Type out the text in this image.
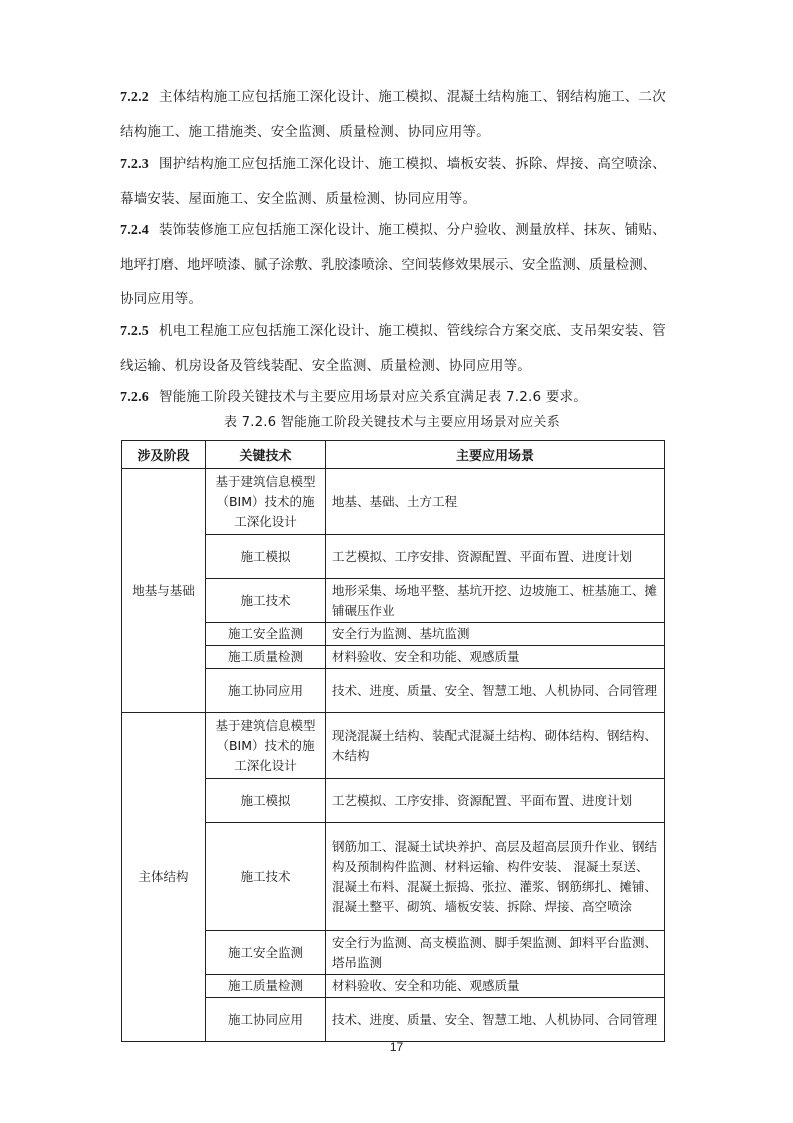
7.2.2 主体结构施工应包括施工深化设计、施工模拟、混凝土结构施工、钢结构施工、二次
结构施工、施工措施类、安全监测、质量检测、协同应用等。
7.2.3 围护结构施工应包括施工深化设计、施工模拟、墙板安装、拆除、焊接、高空喷涂、
幕墙安装、屋面施工、安全监测、质量检测、协同应用等。
7.2.4 装饰装修施工应包括施工深化设计、施工模拟、分户验收、测量放样、抹灰、铺贴、
地坪打磨、地坪喷漆、腻子涂敷、乳胶漆喷涂、空间装修效果展示、安全监测、质量检测、
协同应用等。
7.2.5 机电工程施工应包括施工深化设计、施工模拟、管线综合方案交底、支吊架安装、管
线运输、机房设备及管线装配、安全监测、质量检测、协同应用等。
7.2.6 智能施工阶段关键技术与主要应用场景对应关系宜满足表 7.2.6 要求。
表 7.2.6 智能施工阶段关键技术与主要应用场景对应关系
涉及阶段	关键技术	主要应用场景
地基与基础	基于建筑信息模型（BIM）技术的施工深化设计	地基、基础、土方工程
	施工模拟	工艺模拟、工序安排、资源配置、平面布置、进度计划
	施工技术	地形采集、场地平整、基坑开挖、边坡施工、桩基施工、摊铺碾压作业
	施工安全监测	安全行为监测、基坑监测
	施工质量检测	材料验收、安全和功能、观感质量
	施工协同应用	技术、进度、质量、安全、智慧工地、人机协同、合同管理
主体结构	基于建筑信息模型（BIM）技术的施工深化设计	现浇混凝土结构、装配式混凝土结构、砌体结构、钢结构、木结构
	施工模拟	工艺模拟、工序安排、资源配置、平面布置、进度计划
	施工技术	钢筋加工、混凝土试块养护、高层及超高层顶升作业、钢结构及预制构件监测、材料运输、构件安装、 混凝土泵送、混凝土布料、混凝土振捣、张拉、灌浆、钢筋绑扎、摊铺、混凝土整平、砌筑、墙板安装、拆除、焊接、高空喷涂
	施工安全监测	安全行为监测、高支模监测、脚手架监测、卸料平台监测、塔吊监测
	施工质量检测	材料验收、安全和功能、观感质量
	施工协同应用	技术、进度、质量、安全、智慧工地、人机协同、合同管理
17
